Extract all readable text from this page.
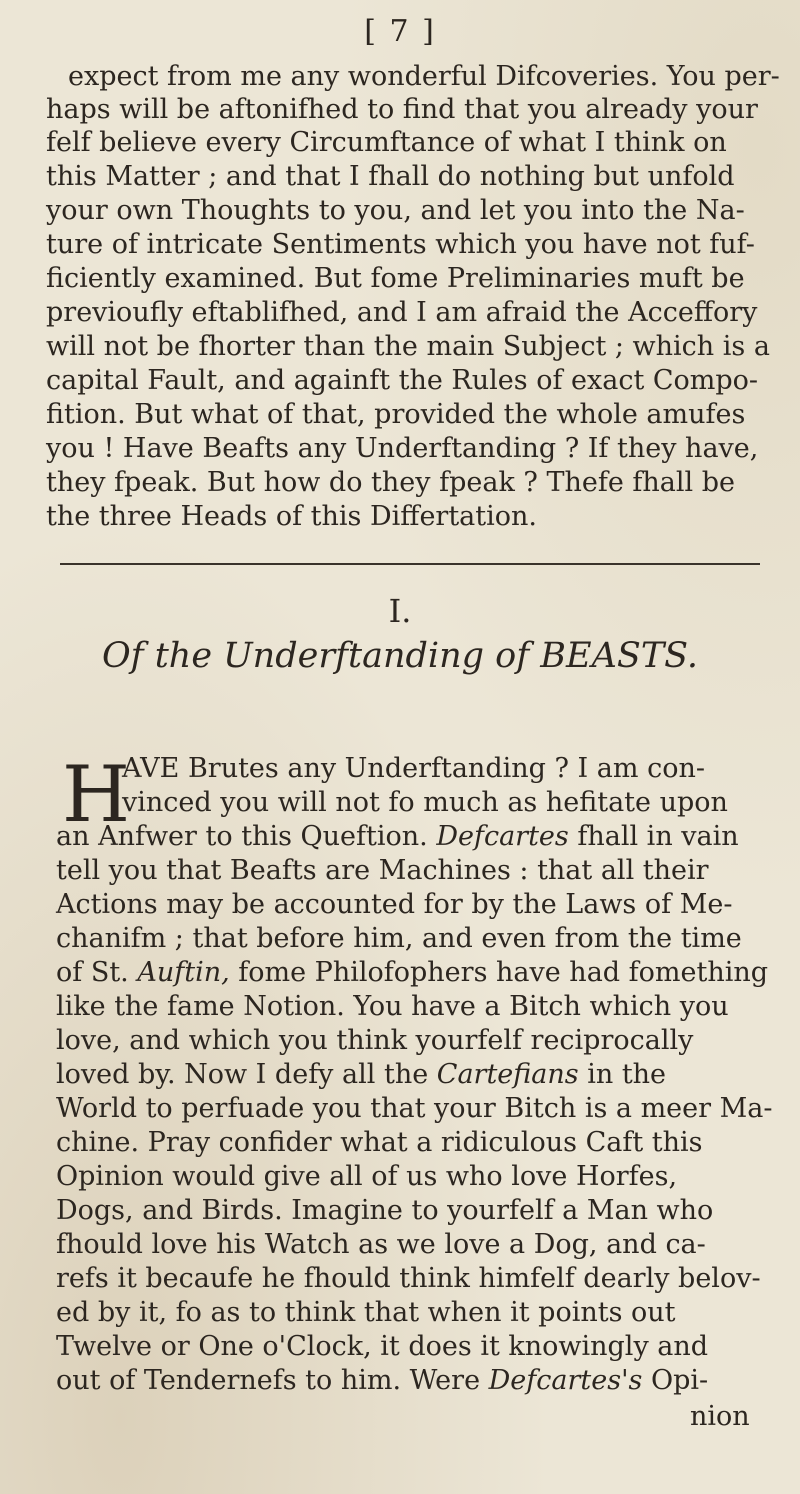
[ 7 ]
expect from me any wonderful Difcoveries. You per-
haps will be aftonifhed to find that you already your
felf believe every Circumftance of what I think on
this Matter ; and that I fhall do nothing but unfold
your own Thoughts to you, and let you into the Na-
ture of intricate Sentiments which you have not fuf-
ficiently examined. But fome Preliminaries muft be
previoufly eftablifhed, and I am afraid the Acceffory
will not be fhorter than the main Subject ; which is a
capital Fault, and againft the Rules of exact Compo-
fition. But what of that, provided the whole amufes
you ! Have Beafts any Underftanding ? If they have,
they fpeak. But how do they fpeak ? Thefe fhall be
the three Heads of this Differtation.
I.
Of the Underftanding of BEASTS.
H
AVE Brutes any Underftanding ? I am con-
vinced you will not fo much as hefitate upon
an Anfwer to this Queftion. Defcartes fhall in vain
tell you that Beafts are Machines : that all their
Actions may be accounted for by the Laws of Me-
chanifm ; that before him, and even from the time
of St. Auftin, fome Philofophers have had fomething
like the fame Notion. You have a Bitch which you
love, and which you think yourfelf reciprocally
loved by. Now I defy all the Cartefians in the
World to perfuade you that your Bitch is a meer Ma-
chine. Pray confider what a ridiculous Caft this
Opinion would give all of us who love Horfes,
Dogs, and Birds. Imagine to yourfelf a Man who
fhould love his Watch as we love a Dog, and ca-
refs it becaufe he fhould think himfelf dearly belov-
ed by it, fo as to think that when it points out
Twelve or One o'Clock, it does it knowingly and
out of Tendernefs to him. Were Defcartes's Opi-
nion
